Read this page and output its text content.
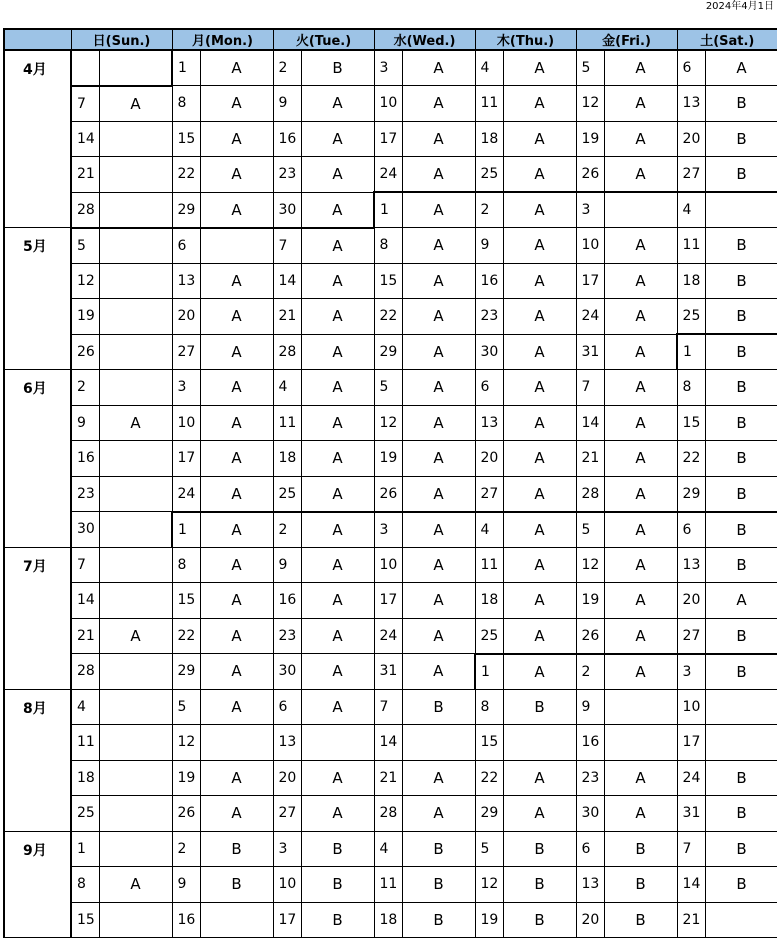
2024年4月1日
	日(Sun.)		月(Mon.)		火(Tue.)		水(Wed.)		木(Thu.)		金(Fri.)		土(Sat.)	
4月			1	A	2	B	3	A	4	A	5	A	6	A
	7	A	8	A	9	A	10	A	11	A	12	A	13	B
	14		15	A	16	A	17	A	18	A	19	A	20	B
	21		22	A	23	A	24	A	25	A	26	A	27	B
	28		29	A	30	A	1	A	2	A	3		4	
5月	5		6		7	A	8	A	9	A	10	A	11	B
	12		13	A	14	A	15	A	16	A	17	A	18	B
	19		20	A	21	A	22	A	23	A	24	A	25	B
	26		27	A	28	A	29	A	30	A	31	A	1	B
6月	2		3	A	4	A	5	A	6	A	7	A	8	B
	9	A	10	A	11	A	12	A	13	A	14	A	15	B
	16		17	A	18	A	19	A	20	A	21	A	22	B
	23		24	A	25	A	26	A	27	A	28	A	29	B
	30		1	A	2	A	3	A	4	A	5	A	6	B
7月	7		8	A	9	A	10	A	11	A	12	A	13	B
	14		15	A	16	A	17	A	18	A	19	A	20	A
	21	A	22	A	23	A	24	A	25	A	26	A	27	B
	28		29	A	30	A	31	A	1	A	2	A	3	B
8月	4		5	A	6	A	7	B	8	B	9		10	
	11		12		13		14		15		16		17	
	18		19	A	20	A	21	A	22	A	23	A	24	B
	25		26	A	27	A	28	A	29	A	30	A	31	B
9月	1		2	B	3	B	4	B	5	B	6	B	7	B
	8	A	9	B	10	B	11	B	12	B	13	B	14	B
	15		16		17	B	18	B	19	B	20	B	21	
